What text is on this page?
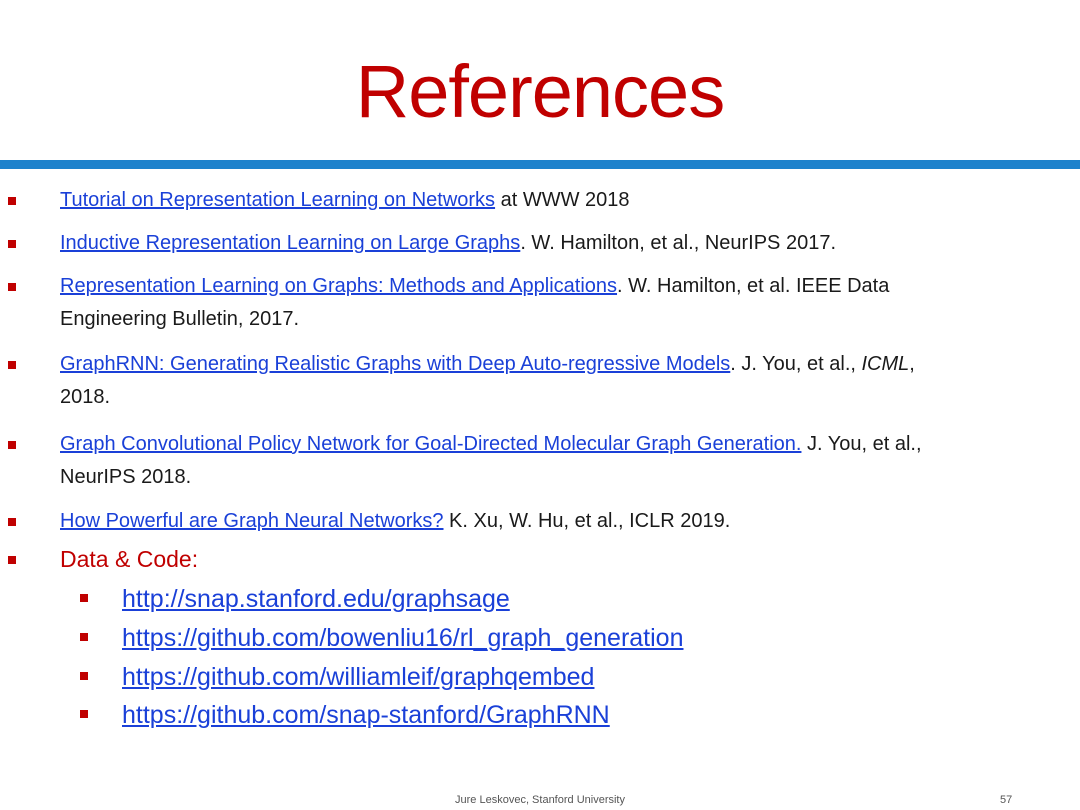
References
Tutorial on Representation Learning on Networks at WWW 2018
Inductive Representation Learning on Large Graphs. W. Hamilton, et al., NeurIPS 2017.
Representation Learning on Graphs: Methods and Applications. W. Hamilton, et al. IEEE Data
Engineering Bulletin, 2017.
GraphRNN: Generating Realistic Graphs with Deep Auto-regressive Models. J. You, et al., ICML,
2018.
Graph Convolutional Policy Network for Goal-Directed Molecular Graph Generation. J. You, et al.,
NeurIPS 2018.
How Powerful are Graph Neural Networks? K. Xu, W. Hu, et al., ICLR 2019.
Data & Code:
http://snap.stanford.edu/graphsage
https://github.com/bowenliu16/rl_graph_generation
https://github.com/williamleif/graphqembed
https://github.com/snap-stanford/GraphRNN
Jure Leskovec, Stanford University	57
